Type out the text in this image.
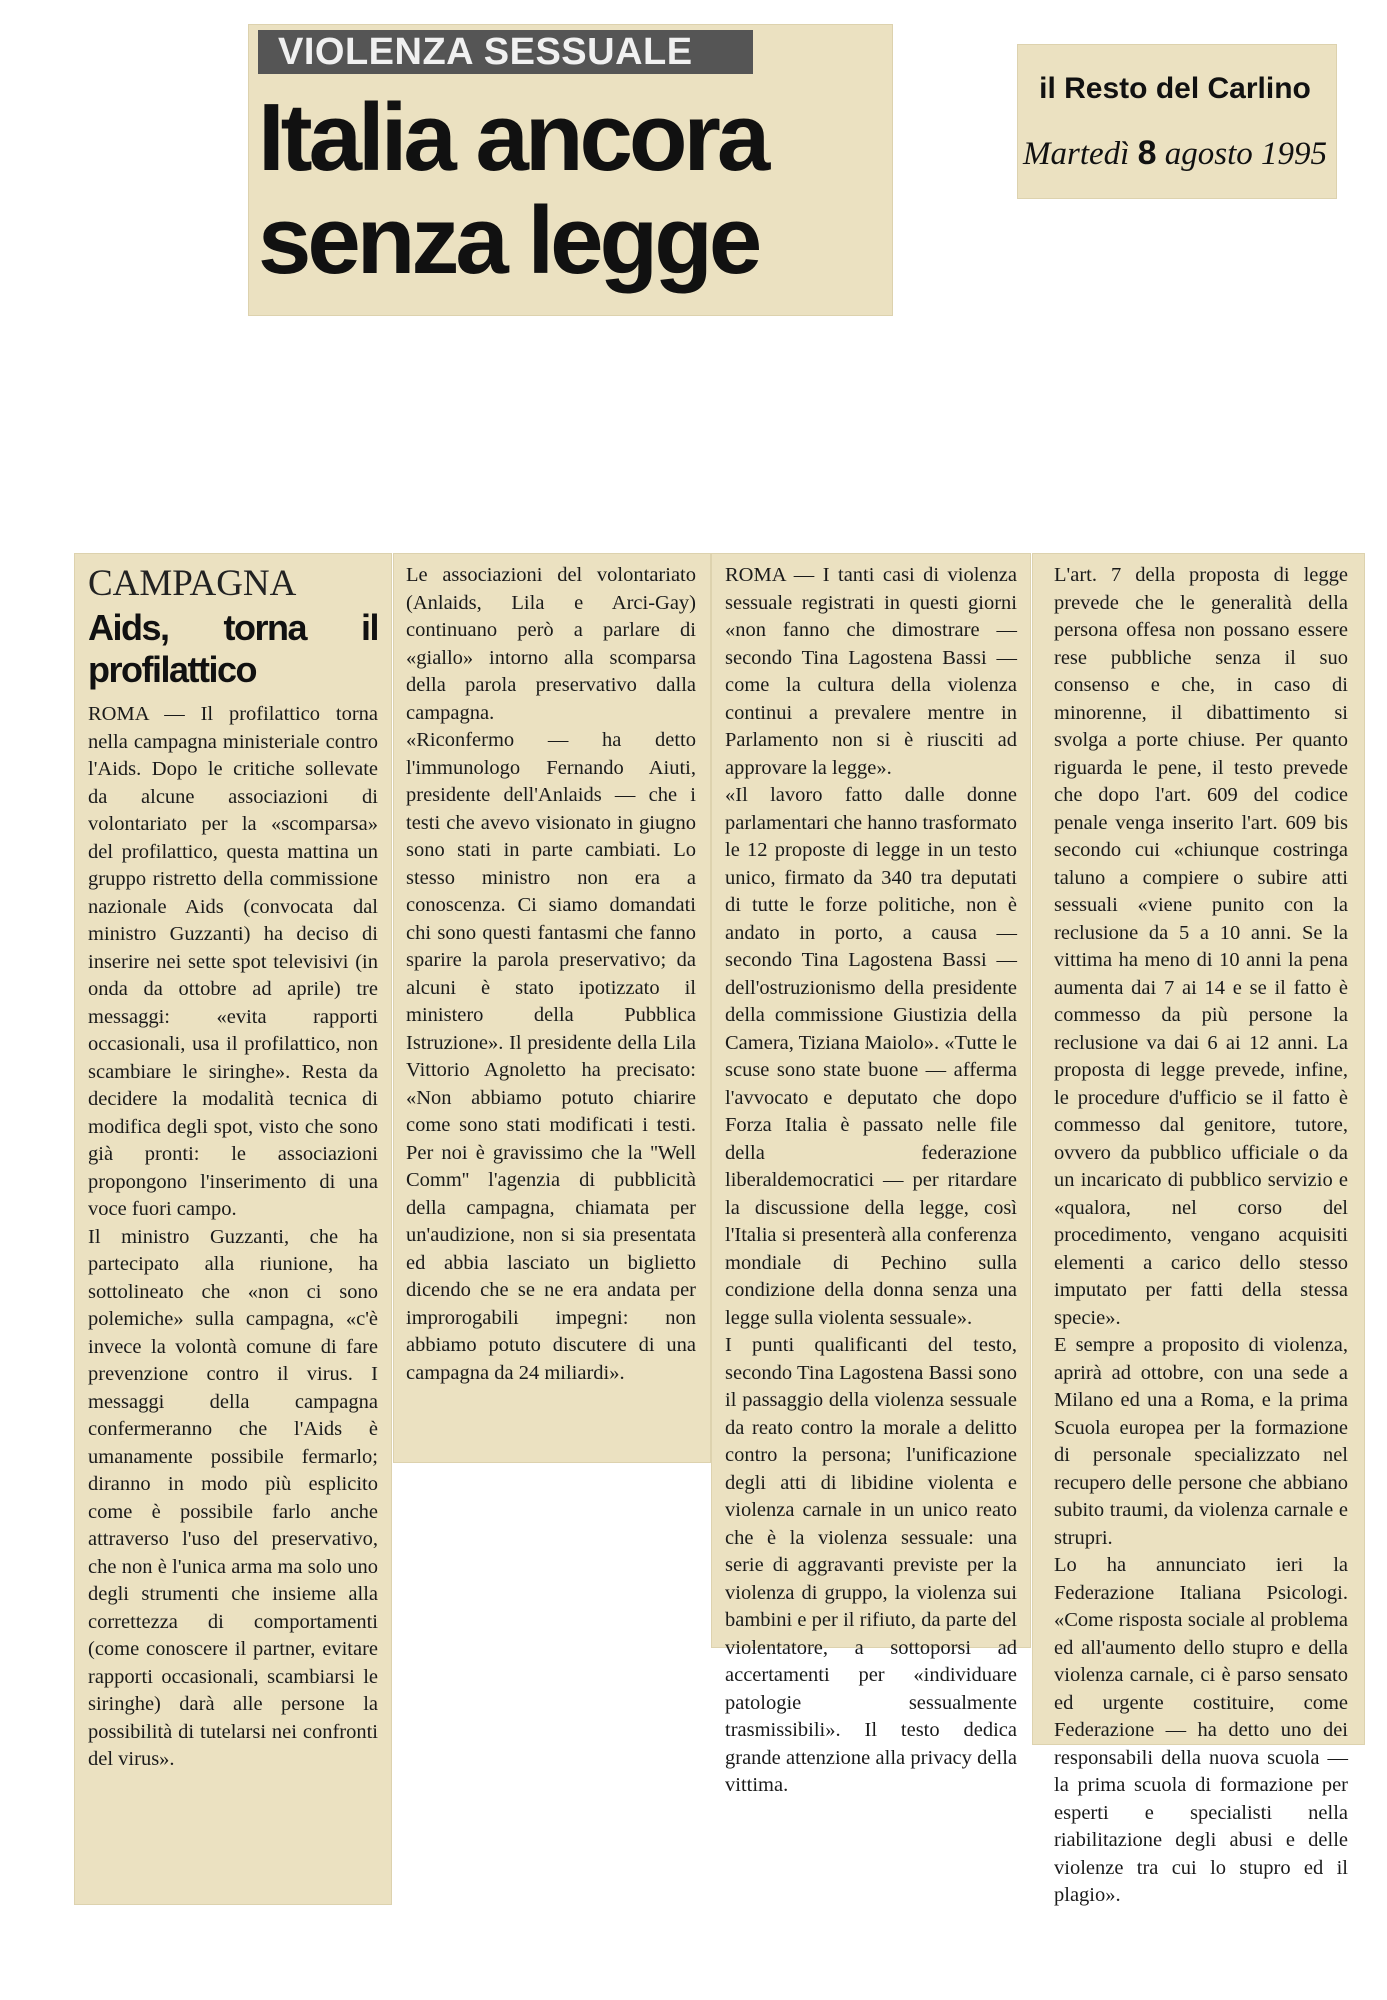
VIOLENZA SESSUALE
Italia ancora senza legge
il Resto del Carlino
Martedì 8 agosto 1995
CAMPAGNA
Aids, torna il profilattico

ROMA — Il profilattico torna nella campagna ministeriale contro l'Aids. Dopo le critiche sollevate da alcune associazioni di volontariato per la «scomparsa» del profilattico, questa mattina un gruppo ristretto della commissione nazionale Aids (convocata dal ministro Guzzanti) ha deciso di inserire nei sette spot televisivi (in onda da ottobre ad aprile) tre messaggi: «evita rapporti occasionali, usa il profilattico, non scambiare le siringhe». Resta da decidere la modalità tecnica di modifica degli spot, visto che sono già pronti: le associazioni propongono l'inserimento di una voce fuori campo.

Il ministro Guzzanti, che ha partecipato alla riunione, ha sottolineato che «non ci sono polemiche» sulla campagna, «c'è invece la volontà comune di fare prevenzione contro il virus. I messaggi della campagna confermeranno che l'Aids è umanamente possibile fermarlo; diranno in modo più esplicito come è possibile farlo anche attraverso l'uso del preservativo, che non è l'unica arma ma solo uno degli strumenti che insieme alla correttezza di comportamenti (come conoscere il partner, evitare rapporti occasionali, scambiarsi le siringhe) darà alle persone la possibilità di tutelarsi nei confronti del virus».

Le associazioni del volontariato (Anlaids, Lila e Arci-Gay) continuano però a parlare di «giallo» intorno alla scomparsa della parola preservativo dalla campagna.

«Riconfermo — ha detto l'immunologo Fernando Aiuti, presidente dell'Anlaids — che i testi che avevo visionato in giugno sono stati in parte cambiati. Lo stesso ministro non era a conoscenza. Ci siamo domandati chi sono questi fantasmi che fanno sparire la parola preservativo; da alcuni è stato ipotizzato il ministero della Pubblica Istruzione». Il presidente della Lila Vittorio Agnoletto ha precisato: «Non abbiamo potuto chiarire come sono stati modificati i testi. Per noi è gravissimo che la ''Well Comm'' l'agenzia di pubblicità della campagna, chiamata per un'audizione, non si sia presentata ed abbia lasciato un biglietto dicendo che se ne era andata per improrogabili impegni: non abbiamo potuto discutere di una campagna da 24 miliardi».

ROMA — I tanti casi di violenza sessuale registrati in questi giorni «non fanno che dimostrare — secondo Tina Lagostena Bassi — come la cultura della violenza continui a prevalere mentre in Parlamento non si è riusciti ad approvare la legge».

«Il lavoro fatto dalle donne parlamentari che hanno trasformato le 12 proposte di legge in un testo unico, firmato da 340 tra deputati di tutte le forze politiche, non è andato in porto, a causa — secondo Tina Lagostena Bassi — dell'ostruzionismo della presidente della commissione Giustizia della Camera, Tiziana Maiolo». «Tutte le scuse sono state buone — afferma l'avvocato e deputato che dopo Forza Italia è passato nelle file della federazione liberaldemocratici — per ritardare la discussione della legge, così l'Italia si presenterà alla conferenza mondiale di Pechino sulla condizione della donna senza una legge sulla violenta sessuale».

I punti qualificanti del testo, secondo Tina Lagostena Bassi sono il passaggio della violenza sessuale da reato contro la morale a delitto contro la persona; l'unificazione degli atti di libidine violenta e violenza carnale in un unico reato che è la violenza sessuale: una serie di aggravanti previste per la violenza di gruppo, la violenza sui bambini e per il rifiuto, da parte del violentatore, a sottoporsi ad accertamenti per «individuare patologie sessualmente trasmissibili». Il testo dedica grande attenzione alla privacy della vittima.

L'art. 7 della proposta di legge prevede che le generalità della persona offesa non possano essere rese pubbliche senza il suo consenso e che, in caso di minorenne, il dibattimento si svolga a porte chiuse. Per quanto riguarda le pene, il testo prevede che dopo l'art. 609 del codice penale venga inserito l'art. 609 bis secondo cui «chiunque costringa taluno a compiere o subire atti sessuali «viene punito con la reclusione da 5 a 10 anni. Se la vittima ha meno di 10 anni la pena aumenta dai 7 ai 14 e se il fatto è commesso da più persone la reclusione va dai 6 ai 12 anni. La proposta di legge prevede, infine, le procedure d'ufficio se il fatto è commesso dal genitore, tutore, ovvero da pubblico ufficiale o da un incaricato di pubblico servizio e «qualora, nel corso del procedimento, vengano acquisiti elementi a carico dello stesso imputato per fatti della stessa specie».

E sempre a proposito di violenza, aprirà ad ottobre, con una sede a Milano ed una a Roma, e la prima Scuola europea per la formazione di personale specializzato nel recupero delle persone che abbiano subito traumi, da violenza carnale e strupri.

Lo ha annunciato ieri la Federazione Italiana Psicologi. «Come risposta sociale al problema ed all'aumento dello stupro e della violenza carnale, ci è parso sensato ed urgente costituire, come Federazione — ha detto uno dei responsabili della nuova scuola — la prima scuola di formazione per esperti e specialisti nella riabilitazione degli abusi e delle violenze tra cui lo stupro ed il plagio».
